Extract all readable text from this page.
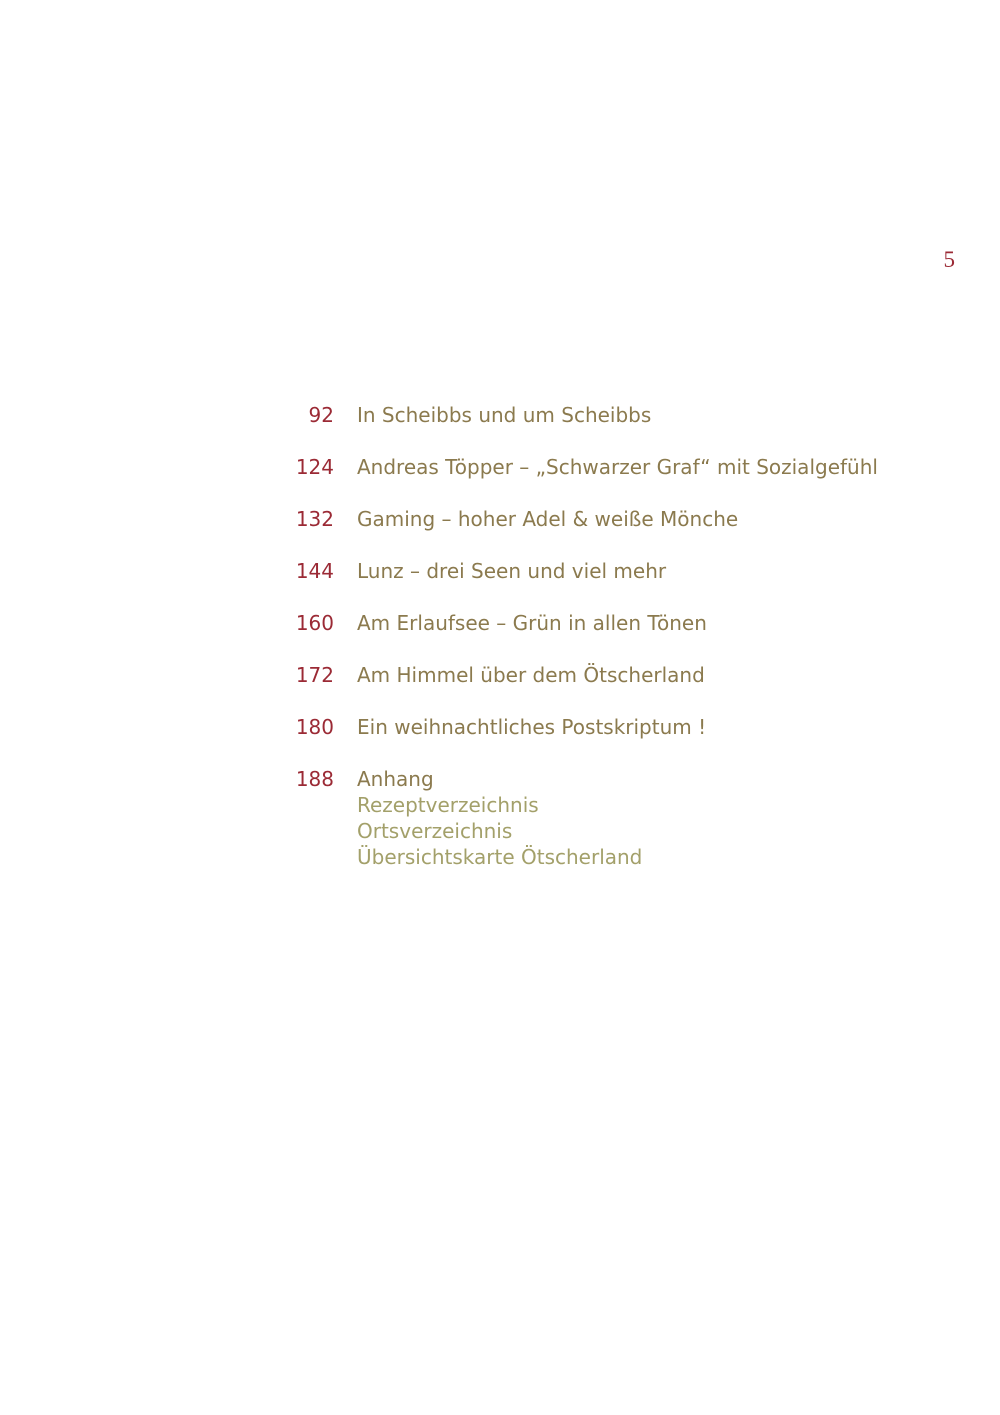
5
92 In Scheibbs und um Scheibbs
124 Andreas Töpper – „Schwarzer Graf“ mit Sozialgefühl
132 Gaming – hoher Adel & weiße Mönche
144 Lunz – drei Seen und viel mehr
160 Am Erlaufsee – Grün in allen Tönen
172 Am Himmel über dem Ötscherland
180 Ein weihnachtliches Postskriptum !
188 Anhang
Rezeptverzeichnis
Ortsverzeichnis
Übersichtskarte Ötscherland
